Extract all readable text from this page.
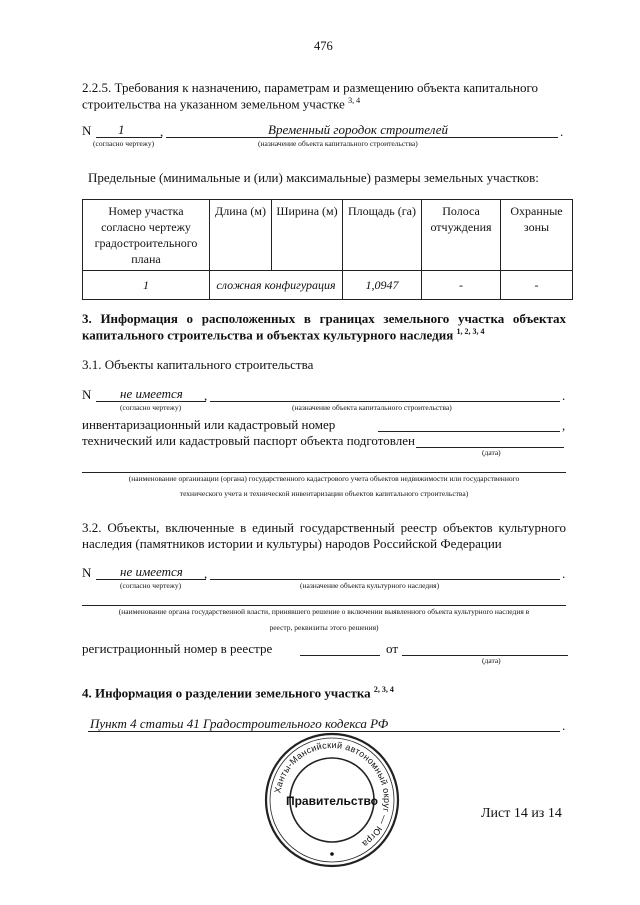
476
2.2.5. Требования к назначению, параметрам и размещению объекта капитального
строительства на указанном земельном участке $^{3, 4}$
N 1	,	Временный городок строителей	.
(согласно чертежу)	(назначение объекта капитального строительства)
Предельные (минимальные и (или) максимальные) размеры земельных участков:
Номер участка согласно чертежу градостроительного плана	Длина (м)	Ширина (м)	Площадь (га)	Полоса отчуждения	Охранные зоны
1	сложная конфигурация		1,0947	-	-
3. Информация о расположенных в границах земельного участка объектах
капитального строительства и объектах культурного наследия $^{1, 2, 3, 4}$
3.1. Объекты капитального строительства
N не имеется ,	.
(согласно чертежу)	(назначение объекта капитального строительства)
инвентаризационный или кадастровый номер	,
технический или кадастровый паспорт объекта подготовлен
(дата)
(наименование организации (органа) государственного кадастрового учета объектов недвижимости или государственного
технического учета и технической инвентаризации объектов капитального строительства)
3.2. Объекты, включенные в единый государственный реестр объектов культурного
наследия (памятников истории и культуры) народов Российской Федерации
N не имеется ,	.
(согласно чертежу)	(назначение объекта культурного наследия)
(наименование органа государственной власти, принявшего решение о включении выявленного объекта культурного наследия в
реестр, реквизиты этого решения)
регистрационный номер в реестре	от
(дата)
4. Информация о разделении земельного участка $^{2, 3, 4}$
Пункт 4 статьи 41 Градостроительного кодекса РФ	.
Ханты-Мансийский автономный округ — Югра
Правительство
Лист 14 из 14
